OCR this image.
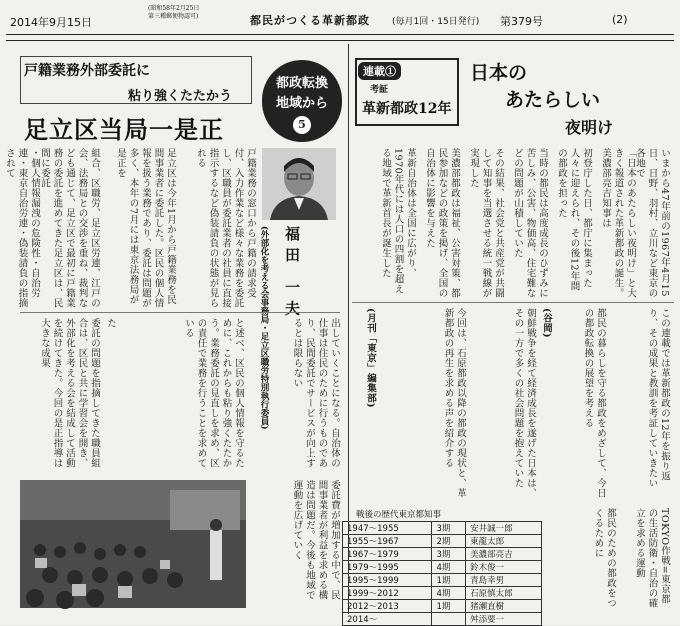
2014年9月15日
(昭和58年2月25日 第三種郵便物認可)	都民がつくる革新都政 (毎月1回・15日発行) 第379号	(2)
戸籍業務外部委託に
粘り強くたたかう
足立区当局一是正
都政転換
地域から
5
福田 一夫
(外部化を考える会事務局・足立区職労特別執行委員)
・個人情報漏洩の危険性・自治労連・東京自治労連・偽装請負の指摘されて	組合、区職労、足立区労連、江戸の会、法務局との交渉を重ね、裁判なども通じて、足立区で最初に戸籍業務の委託を進めてきた足立区は、民間に委託	足立区は今年1月から戸籍業務を民間事業者に委託した。区民の個人情報を扱う業務であり、委託は問題が多く、本年の7月には東京法務局が是正を	戸籍業務の窓口から戸籍の請求受付、入力作業など様々な業務を委託し、区職員が委託業者の社員に直接指示するなど偽装請負の状態が見られる
委託の問題を指摘してきた職員組合は、区民と共に学習会を開き、外部化を考える会を結成して活動を続けてきた。今回の是正指導は大きな成果	た	と述べ、区民の個人情報を守るために、これからも粘り強くたたかう。業務委託の見直しを求め、区の責任で業務を行うことを求めている	出していくことになる。自治体の仕事は住民のために行うものであり、民間委託でサービスが向上するとは限らない
委託費が増加する中で、民間事業者が利益を求める構造は問題だ。今後も地域で運動を広げていく
連載①
考証
革新都政12年
日本の
あたらしい
夜明け
いまから47年前の1967年4月15日、日野、羽村、立川など東京の各地で
「日本のあたらしい夜明け」と大きく報道された革新都政の誕生。美濃部亮吉知事は
初登庁した日、都庁に集まった人々に迎えられ、その後12年間の都政を担った
当時の都民は高度成長のひずみに苦しみ、公害、物価高、住宅難などの問題が山積していた
その結果、社会党と共産党が共闘して知事を当選させる統一戦線が実現した
美濃部都政は福祉、公害対策、都民参加などの政策を掲げ、全国の自治体に影響を与えた
革新自治体は全国に広がり、1970年代には人口の四割を超える地域で革新首長が誕生した
この連載では革新都政の12年を振り返り、その成果と教訓を考証していきたい
都民の暮らしを守る都政をめざして、今日の都政転換の展望を考える
(谷岡)
朝鮮戦争を経て経済成長を遂げた日本は、その一方で多くの社会問題を抱えていた
今回は、石原都政以降の都政の現状と、革新都政の再生を求める声を紹介する
(月刊「東京」編集部)
TOKYO作戦=東京都の生活防衛・自治の確立を求める運動
都民のための都政をつくるために
戦後の歴代東京都知事
1947～1955	3期	安井誠一郎
1955～1967	2期	東龍太郎
1967～1979	3期	美濃部亮吉
1979～1995	4期	鈴木俊一
1995～1999	1期	青島幸男
1999～2012	4期	石原慎太郎
2012～2013	1期	猪瀬直樹
2014～		舛添要一
